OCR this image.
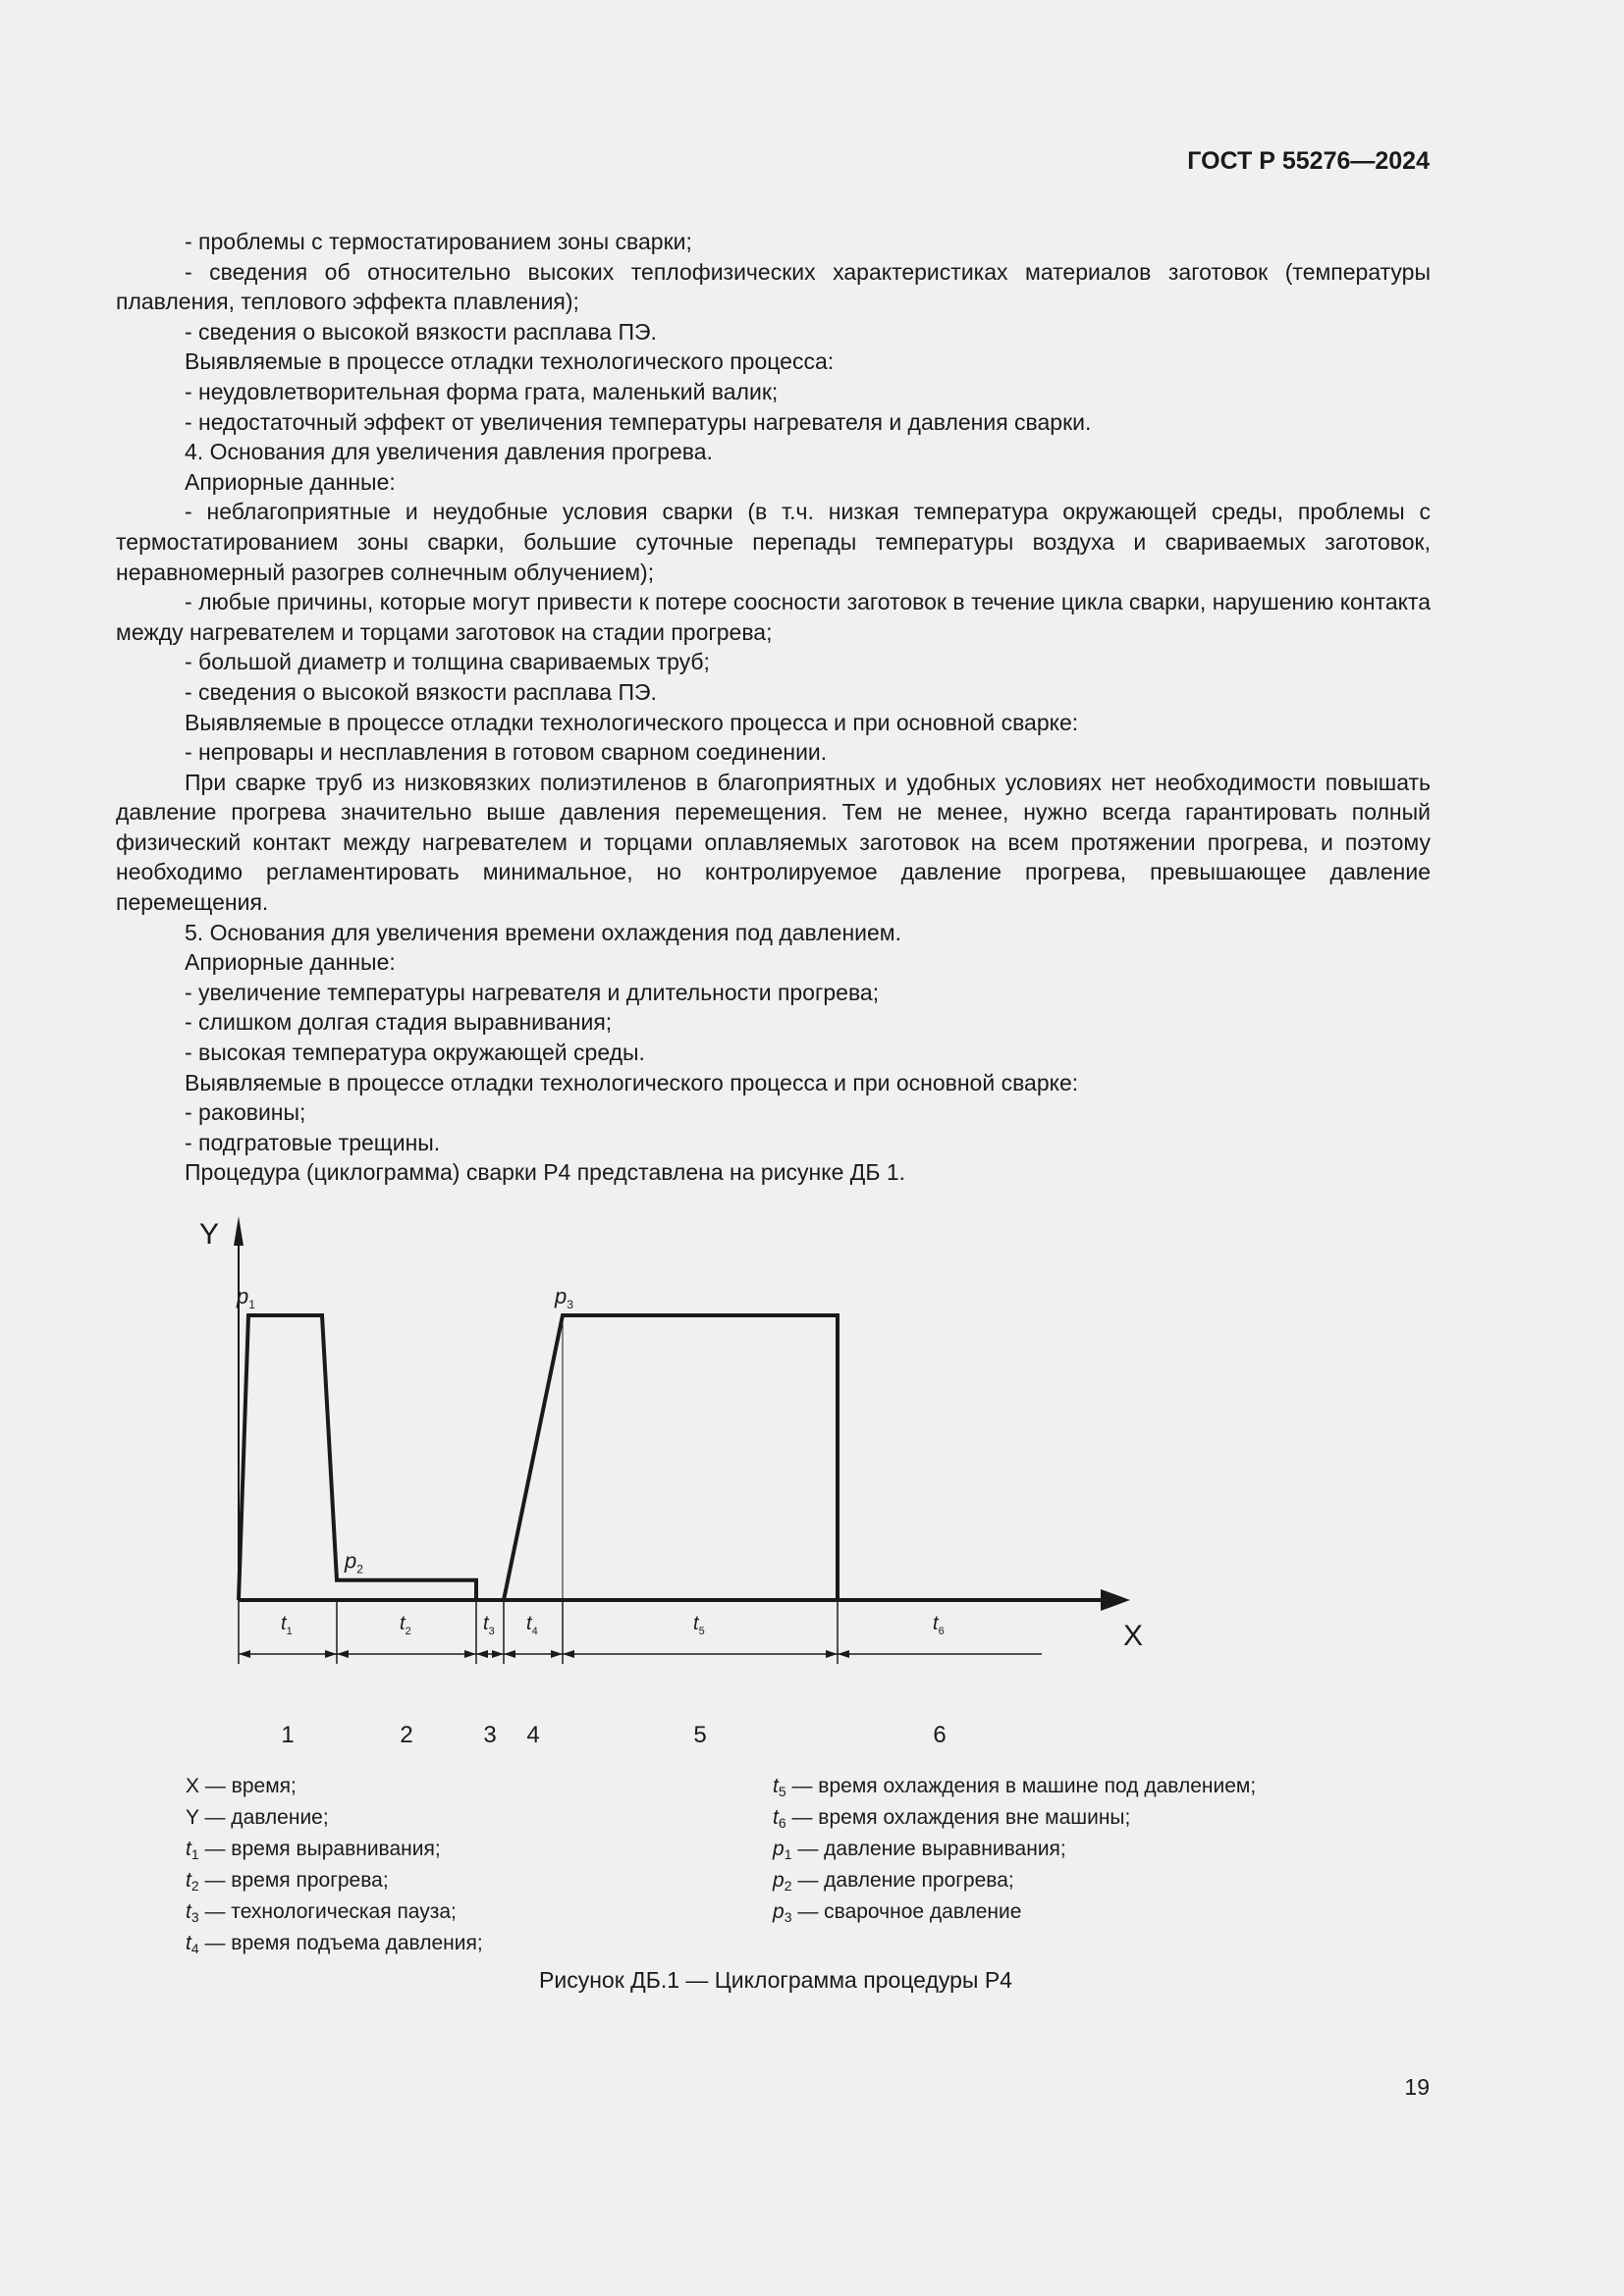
ГОСТ Р 55276—2024

- проблемы с термостатированием зоны сварки;

- сведения об относительно высоких теплофизических характеристиках материалов заготовок (температуры плавления, теплового эффекта плавления);

- сведения о высокой вязкости расплава ПЭ.

Выявляемые в процессе отладки технологического процесса:

- неудовлетворительная форма грата, маленький валик;

- недостаточный эффект от увеличения температуры нагревателя и давления сварки.

4. Основания для увеличения давления прогрева.

Априорные данные:

- неблагоприятные и неудобные условия сварки (в т.ч. низкая температура окружающей среды, проблемы с термостатированием зоны сварки, большие суточные перепады температуры воздуха и свариваемых заготовок, неравномерный разогрев солнечным облучением);

- любые причины, которые могут привести к потере соосности заготовок в течение цикла сварки, нарушению контакта между нагревателем и торцами заготовок на стадии прогрева;

- большой диаметр и толщина свариваемых труб;

- сведения о высокой вязкости расплава ПЭ.

Выявляемые в процессе отладки технологического процесса и при основной сварке:

- непровары и несплавления в готовом сварном соединении.

При сварке труб из низковязких полиэтиленов в благоприятных и удобных условиях нет необходимости повышать давление прогрева значительно выше давления перемещения. Тем не менее, нужно всегда гарантировать полный физический контакт между нагревателем и торцами оплавляемых заготовок на всем протяжении прогрева, и поэтому необходимо регламентировать минимальное, но контролируемое давление прогрева, превышающее давление перемещения.

5. Основания для увеличения времени охлаждения под давлением.

Априорные данные:

- увеличение температуры нагревателя и длительности прогрева;

- слишком долгая стадия выравнивания;

- высокая температура окружающей среды.

Выявляемые в процессе отладки технологического процесса и при основной сварке:

- раковины;

- подгратовые трещины.

Процедура (циклограмма) сварки Р4 представлена на рисунке ДБ 1.

Y
X
$p_1$
$p_2$
$p_3$
$t_1$
1
$t_2$
2
$t_3$
3
$t_4$
4
$t_5$
5
$t_6$
6
X — время;
Y — давление;
$t_1$ — время выравнивания;
$t_2$ — время прогрева;
$t_3$ — технологическая пауза;
$t_4$ — время подъема давления;
$t_5$ — время охлаждения в машине под давлением;
$t_6$ — время охлаждения вне машины;
$p_1$ — давление выравнивания;
$p_2$ — давление прогрева;
$p_3$ — сварочное давление
Рисунок ДБ.1 — Циклограмма процедуры Р4
19
